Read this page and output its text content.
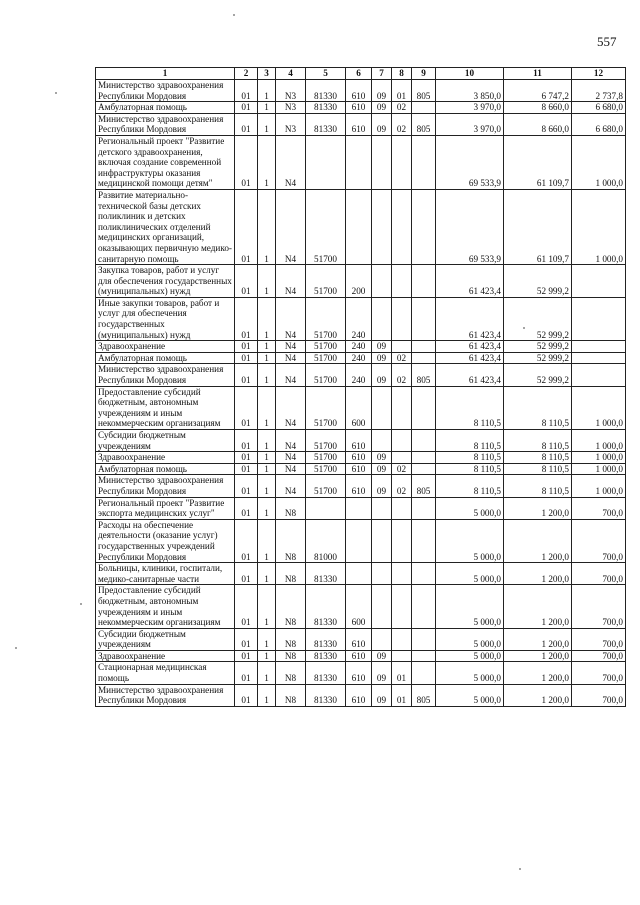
557
1	2	3	4	5	6	7	8	9	10	11	12
Министерство здравоохранения Республики Мордовия	01	1	N3	81330	610	09	01	805	3 850,0	6 747,2	2 737,8
Амбулаторная помощь	01	1	N3	81330	610	09	02		3 970,0	8 660,0	6 680,0
Министерство здравоохранения Республики Мордовия	01	1	N3	81330	610	09	02	805	3 970,0	8 660,0	6 680,0
Региональный проект "Развитие детского здравоохранения, включая создание современной инфраструктуры оказания медицинской помощи детям"	01	1	N4						69 533,9	61 109,7	1 000,0
Развитие материально-технической базы детских поликлиник и детских поликлинических отделений медицинских организаций, оказывающих первичную медико-санитарную помощь	01	1	N4	51700					69 533,9	61 109,7	1 000,0
Закупка товаров, работ и услуг для обеспечения государственных (муниципальных) нужд	01	1	N4	51700	200				61 423,4	52 999,2	
Иные закупки товаров, работ и услуг для обеспечения государственных (муниципальных) нужд	01	1	N4	51700	240				61 423,4	52 999,2	
Здравоохранение	01	1	N4	51700	240	09			61 423,4	52 999,2	
Амбулаторная помощь	01	1	N4	51700	240	09	02		61 423,4	52 999,2	
Министерство здравоохранения Республики Мордовия	01	1	N4	51700	240	09	02	805	61 423,4	52 999,2	
Предоставление субсидий бюджетным, автономным учреждениям и иным некоммерческим организациям	01	1	N4	51700	600				8 110,5	8 110,5	1 000,0
Субсидии бюджетным учреждениям	01	1	N4	51700	610				8 110,5	8 110,5	1 000,0
Здравоохранение	01	1	N4	51700	610	09			8 110,5	8 110,5	1 000,0
Амбулаторная помощь	01	1	N4	51700	610	09	02		8 110,5	8 110,5	1 000,0
Министерство здравоохранения Республики Мордовия	01	1	N4	51700	610	09	02	805	8 110,5	8 110,5	1 000,0
Региональный проект "Развитие экспорта медицинских услуг"	01	1	N8						5 000,0	1 200,0	700,0
Расходы на обеспечение деятельности (оказание услуг) государственных учреждений Республики Мордовия	01	1	N8	81000					5 000,0	1 200,0	700,0
Больницы, клиники, госпитали, медико-санитарные части	01	1	N8	81330					5 000,0	1 200,0	700,0
Предоставление субсидий бюджетным, автономным учреждениям и иным некоммерческим организациям	01	1	N8	81330	600				5 000,0	1 200,0	700,0
Субсидии бюджетным учреждениям	01	1	N8	81330	610				5 000,0	1 200,0	700,0
Здравоохранение	01	1	N8	81330	610	09			5 000,0	1 200,0	700,0
Стационарная медицинская помощь	01	1	N8	81330	610	09	01		5 000,0	1 200,0	700,0
Министерство здравоохранения Республики Мордовия	01	1	N8	81330	610	09	01	805	5 000,0	1 200,0	700,0
